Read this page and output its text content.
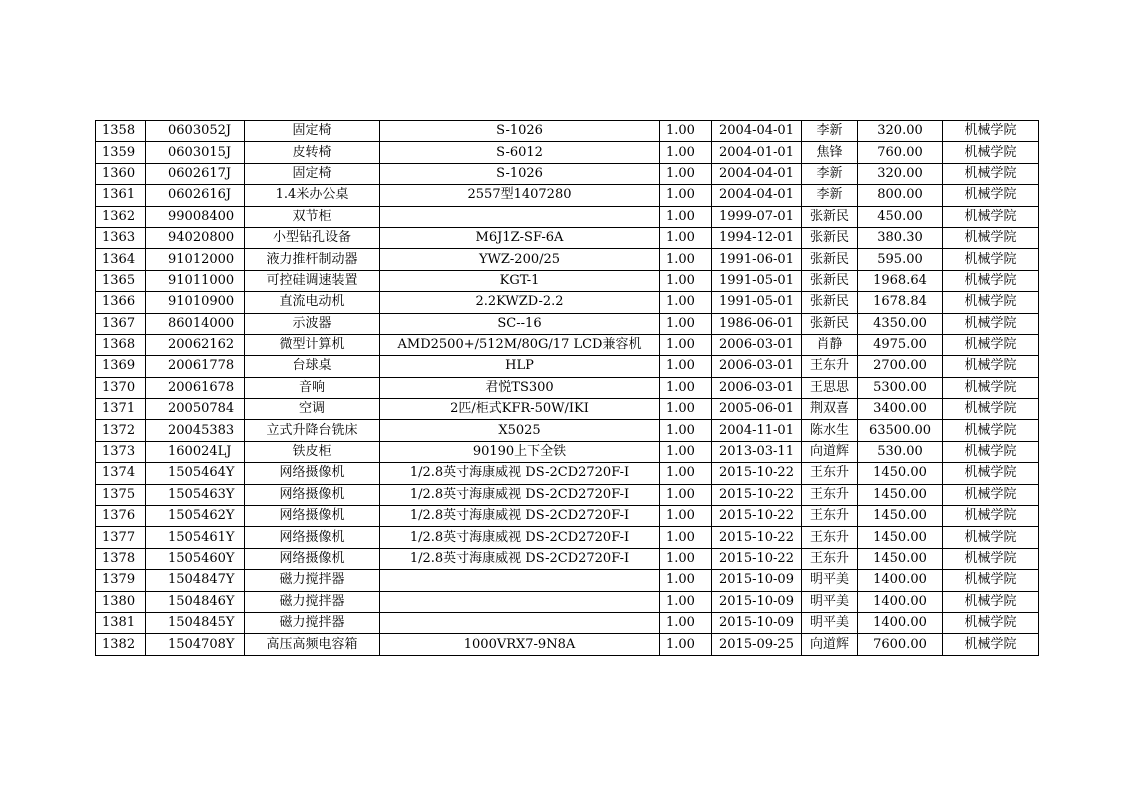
1358	0603052J	固定椅	S-1026	1.00	2004-04-01	李新	320.00	机械学院
1359	0603015J	皮转椅	S-6012	1.00	2004-01-01	焦锋	760.00	机械学院
1360	0602617J	固定椅	S-1026	1.00	2004-04-01	李新	320.00	机械学院
1361	0602616J	1.4米办公桌	2557型1407280	1.00	2004-04-01	李新	800.00	机械学院
1362	99008400	双节柜		1.00	1999-07-01	张新民	450.00	机械学院
1363	94020800	小型钻孔设备	M6J1Z-SF-6A	1.00	1994-12-01	张新民	380.30	机械学院
1364	91012000	液力推杆制动器	YWZ-200/25	1.00	1991-06-01	张新民	595.00	机械学院
1365	91011000	可控硅调速装置	KGT-1	1.00	1991-05-01	张新民	1968.64	机械学院
1366	91010900	直流电动机	2.2KWZD-2.2	1.00	1991-05-01	张新民	1678.84	机械学院
1367	86014000	示波器	SC--16	1.00	1986-06-01	张新民	4350.00	机械学院
1368	20062162	微型计算机	AMD2500+/512M/80G/17 LCD兼容机	1.00	2006-03-01	肖静	4975.00	机械学院
1369	20061778	台球桌	HLP	1.00	2006-03-01	王东升	2700.00	机械学院
1370	20061678	音响	君悦TS300	1.00	2006-03-01	王思思	5300.00	机械学院
1371	20050784	空调	2匹/柜式KFR-50W/IKI	1.00	2005-06-01	荆双喜	3400.00	机械学院
1372	20045383	立式升降台铣床	X5025	1.00	2004-11-01	陈水生	63500.00	机械学院
1373	160024LJ	铁皮柜	90190上下全铁	1.00	2013-03-11	向道辉	530.00	机械学院
1374	1505464Y	网络摄像机	1/2.8英寸海康威视 DS-2CD2720F-I	1.00	2015-10-22	王东升	1450.00	机械学院
1375	1505463Y	网络摄像机	1/2.8英寸海康威视 DS-2CD2720F-I	1.00	2015-10-22	王东升	1450.00	机械学院
1376	1505462Y	网络摄像机	1/2.8英寸海康威视 DS-2CD2720F-I	1.00	2015-10-22	王东升	1450.00	机械学院
1377	1505461Y	网络摄像机	1/2.8英寸海康威视 DS-2CD2720F-I	1.00	2015-10-22	王东升	1450.00	机械学院
1378	1505460Y	网络摄像机	1/2.8英寸海康威视 DS-2CD2720F-I	1.00	2015-10-22	王东升	1450.00	机械学院
1379	1504847Y	磁力搅拌器		1.00	2015-10-09	明平美	1400.00	机械学院
1380	1504846Y	磁力搅拌器		1.00	2015-10-09	明平美	1400.00	机械学院
1381	1504845Y	磁力搅拌器		1.00	2015-10-09	明平美	1400.00	机械学院
1382	1504708Y	高压高频电容箱	1000VRX7-9N8A	1.00	2015-09-25	向道辉	7600.00	机械学院
